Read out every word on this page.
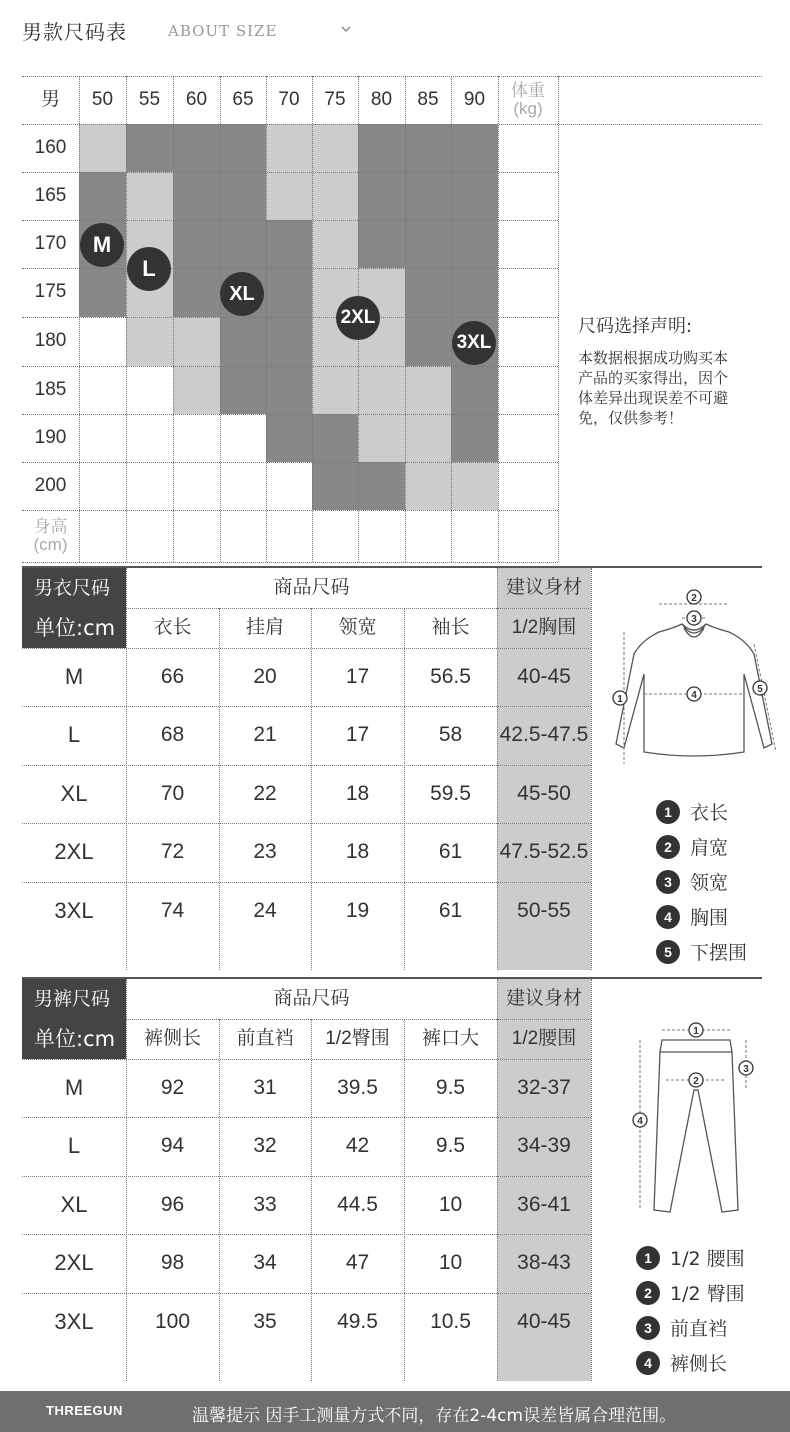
男款尺码表	ABOUT SIZE
男	50	55	60	65	70	75	80	85	90	体重
(kg)
160
165
170
175
180
185
190
200
身高
(cm)
M
L
XL
2XL
3XL
尺码选择声明:
本数据根据成功购买本产品的买家得出，因个体差异出现误差不可避免，仅供参考！
男衣尺码
单位:cm
商品尺码	建议身材
衣长	挂肩	领宽	袖长	1/2胸围
M	66	20	17	56.5	40-45
L	68	21	17	58	42.5-47.5
XL	70	22	18	59.5	45-50
2XL	72	23	18	61	47.5-52.5
3XL	74	24	19	61	50-55
1
2
3
4
5
1 衣长
2 肩宽
3 领宽
4 胸围
5 下摆围
男裤尺码
单位:cm
商品尺码	建议身材
裤侧长	前直裆	1/2臀围	裤口大	1/2腰围
M	92	31	39.5	9.5	32-37
L	94	32	42	9.5	34-39
XL	96	33	44.5	10	36-41
2XL	98	34	47	10	38-43
3XL	100	35	49.5	10.5	40-45
1
2
3
4
1 1/2 腰围
2 1/2 臀围
3 前直裆
4 裤侧长
THREEGUN	温馨提示 因手工测量方式不同，存在2-4cm误差皆属合理范围。
